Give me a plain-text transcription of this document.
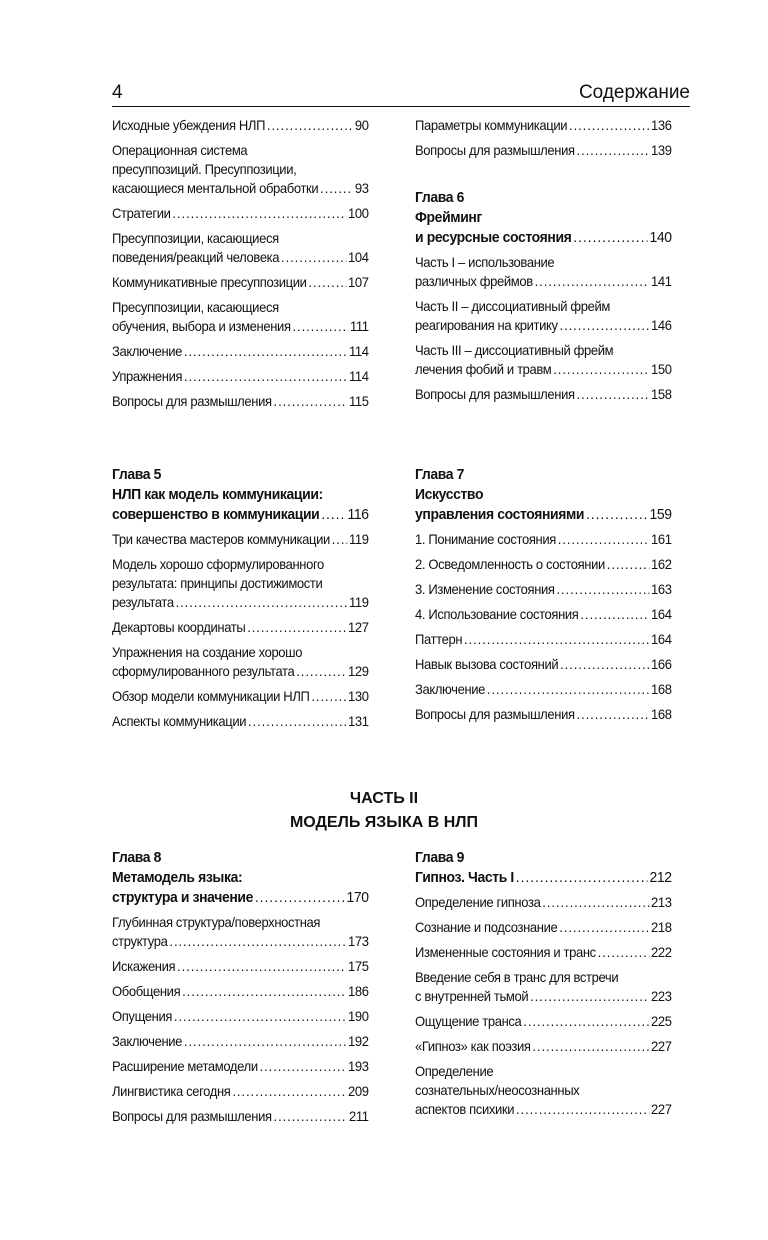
4	Содержание
Исходные убеждения НЛП .....	90
Операционная система
пресуппозиций. Пресуппозиции,
касающиеся ментальной обработки .....	93
Стратегии .....	100
Пресуппозиции, касающиеся
поведения/реакций человека .....	104
Коммуникативные пресуппозиции .....	107
Пресуппозиции, касающиеся
обучения, выбора и изменения .....	111
Заключение .....	114
Упражнения .....	114
Вопросы для размышления .....	115
Параметры коммуникации .....	136
Вопросы для размышления .....	139
Глава 6
Фрейминг
и ресурсные состояния .....	140
Часть I – использование
различных фреймов .....	141
Часть II – диссоциативный фрейм
реагирования на критику .....	146
Часть III – диссоциативный фрейм
лечения фобий и травм .....	150
Вопросы для размышления .....	158
Глава 5
НЛП как модель коммуникации:
совершенство в коммуникации ..... 116
Три качества мастеров коммуникации ..... 119
Модель хорошо сформулированного
результата: принципы достижимости
результата .....	119
Декартовы координаты .....	127
Упражнения на создание хорошо
сформулированного результата .....	129
Обзор модели коммуникации НЛП .....	130
Аспекты коммуникации .....	131
Глава 7
Искусство
управления состояниями .....	159
1. Понимание состояния .....	161
2. Осведомленность о состоянии .....	162
3. Изменение состояния .....	163
4. Использование состояния .....	164
Паттерн .....	164
Навык вызова состояний .....	166
Заключение .....	168
Вопросы для размышления .....	168
ЧАСТЬ II
МОДЕЛЬ ЯЗЫКА В НЛП
Глава 8
Метамодель языка:
структура и значение .....	170
Глубинная структура/поверхностная
структура .....	173
Искажения .....	175
Обобщения .....	186
Опущения .....	190
Заключение .....	192
Расширение метамодели .....	193
Лингвистика сегодня .....	209
Вопросы для размышления .....	211
Глава 9
Гипноз. Часть I .....	212
Определение гипноза .....	213
Сознание и подсознание .....	218
Измененные состояния и транс .....	222
Введение себя в транс для встречи
с внутренней тьмой .....	223
Ощущение транса .....	225
«Гипноз» как поэзия .....	227
Определение
сознательных/неосознанных
аспектов психики .....	227
